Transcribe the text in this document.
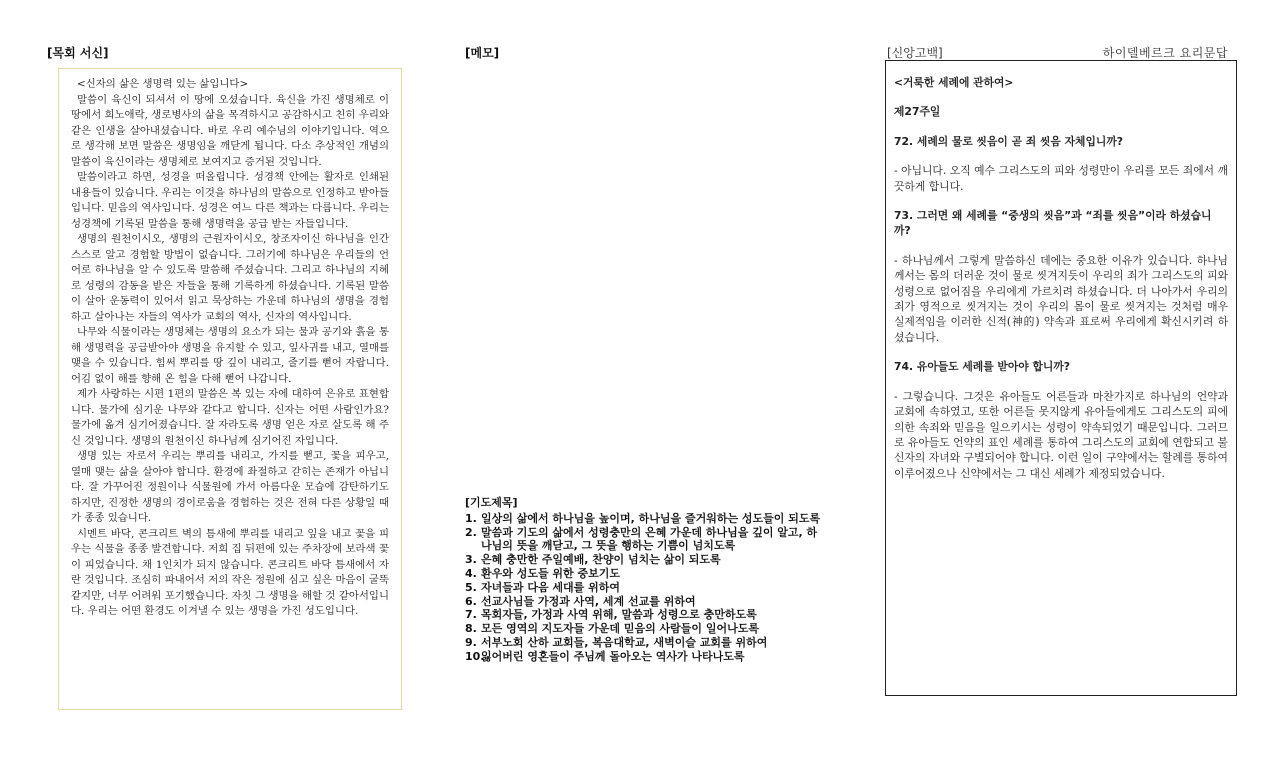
[목회 서신]	[메모]	[신앙고백]	하이델베르크 요리문답
<신자의 삶은 생명력 있는 삶입니다>

말씀이 육신이 되셔서 이 땅에 오셨습니다. 육신을 가진 생명체로 이 땅에서 희노애락, 생로병사의 삶을 목격하시고 공감하시고 친히 우리와 같은 인생을 살아내셨습니다. 바로 우리 예수님의 이야기입니다. 역으로 생각해 보면 말씀은 생명임을 깨닫게 됩니다. 다소 추상적인 개념의 말씀이 육신이라는 생명체로 보여지고 증거된 것입니다.

말씀이라고 하면, 성경을 떠올립니다. 성경책 안에는 활자로 인쇄된 내용들이 있습니다. 우리는 이것을 하나님의 말씀으로 인정하고 받아들입니다. 믿음의 역사입니다. 성경은 여느 다른 책과는 다릅니다. 우리는 성경책에 기록된 말씀을 통해 생명력을 공급 받는 자들입니다.

생명의 원천이시오, 생명의 근원자이시오, 창조자이신 하나님을 인간 스스로 알고 경험할 방법이 없습니다. 그러기에 하나님은 우리들의 언어로 하나님을 알 수 있도록 말씀해 주셨습니다. 그리고 하나님의 지혜로 성령의 감동을 받은 자들을 통해 기록하게 하셨습니다. 기록된 말씀이 살아 운동력이 있어서 읽고 묵상하는 가운데 하나님의 생명을 경험하고 살아나는 자들의 역사가 교회의 역사, 신자의 역사입니다.

나무와 식물이라는 생명체는 생명의 요소가 되는 물과 공기와 흙을 통해 생명력을 공급받아야 생명을 유지할 수 있고, 잎사귀를 내고, 열매를 맺을 수 있습니다. 힘써 뿌리를 땅 깊이 내리고, 줄기를 뻗어 자랍니다. 어김 없이 해를 향해 온 힘을 다해 뻗어 나갑니다.

제가 사랑하는 시편 1편의 말씀은 복 있는 자에 대하여 은유로 표현합니다. 물가에 심기운 나무와 같다고 합니다. 신자는 어떤 사람인가요? 물가에 옮겨 심기어졌습니다. 잘 자라도록 생명 얻은 자로 살도록 해 주신 것입니다. 생명의 원천이신 하나님께 심기어진 자입니다.

생명 있는 자로서 우리는 뿌리를 내리고, 가지를 뻗고, 꽃을 피우고, 열매 맺는 삶을 살아야 합니다. 환경에 좌절하고 갇히는 존재가 아닙니다. 잘 가꾸어진 정원이나 식물원에 가서 아름다운 모습에 감탄하기도 하지만, 진정한 생명의 경이로움을 경험하는 것은 전혀 다른 상황일 때가 종종 있습니다.

시멘트 바닥, 콘크리트 벽의 틈새에 뿌리를 내리고 잎을 내고 꽃을 피우는 식물을 종종 발견합니다. 저희 집 뒤편에 있는 주차장에 보라색 꽃이 피었습니다. 채 1인치가 되지 않습니다. 콘크리트 바닥 틈새에서 자란 것입니다. 조심히 파내어서 저의 작은 정원에 심고 싶은 마음이 굴뚝같지만, 너무 어려워 포기했습니다. 자칫 그 생명을 해할 것 같아서입니다. 우리는 어떤 환경도 이겨낼 수 있는 생명을 가진 성도입니다.

[기도제목]
1. 일상의 삶에서 하나님을 높이며, 하나님을 즐거워하는 성도들이 되도록
2. 말씀과 기도의 삶에서 성령충만의 은혜 가운데 하나님을 깊이 알고, 하나님의 뜻을 깨닫고, 그 뜻을 행하는 기쁨이 넘치도록
3. 은혜 충만한 주일예배, 찬양이 넘치는 삶이 되도록
4. 환우와 성도들 위한 중보기도
5. 자녀들과 다음 세대를 위하여
6. 선교사님들 가정과 사역, 세계 선교를 위하여
7. 목회자들, 가정과 사역 위해, 말씀과 성령으로 충만하도록
8. 모든 영역의 지도자들 가운데 믿음의 사람들이 일어나도록
9. 서부노회 산하 교회들, 복음대학교, 새벽이슬 교회를 위하여
10.
잃어버린 영혼들이 주님께 돌아오는 역사가 나타나도록

<거룩한 세례에 관하여>

제27주일

72. 세례의 물로 씻음이 곧 죄 씻음 자체입니까?

- 아닙니다. 오직 예수 그리스도의 피와 성령만이 우리를 모든 죄에서 깨끗하게 합니다.

73. 그러면 왜 세례를 “중생의 씻음”과 “죄를 씻음”이라 하셨습니까?

- 하나님께서 그렇게 말씀하신 데에는 중요한 이유가 있습니다. 하나님께서는 몸의 더러운 것이 물로 씻겨지듯이 우리의 죄가 그리스도의 피와 성령으로 없어짐을 우리에게 가르치려 하셨습니다. 더 나아가서 우리의 죄가 영적으로 씻겨지는 것이 우리의 몸이 물로 씻겨지는 것처럼 매우 실제적임을 이러한 신적(神的) 약속과 표로써 우리에게 확신시키려 하셨습니다.

74. 유아들도 세례를 받아야 합니까?

- 그렇습니다. 그것은 유아들도 어른들과 마찬가지로 하나님의 언약과 교회에 속하였고, 또한 어른들 못지않게 유아들에게도 그리스도의 피에 의한 속죄와 믿음을 일으키시는 성령이 약속되었기 때문입니다. 그러므로 유아들도 언약의 표인 세례를 통하여 그리스도의 교회에 연합되고 불신자의 자녀와 구별되어야 합니다. 이런 일이 구약에서는 할례를 통하여 이루어졌으나 신약에서는 그 대신 세례가 제정되었습니다.
